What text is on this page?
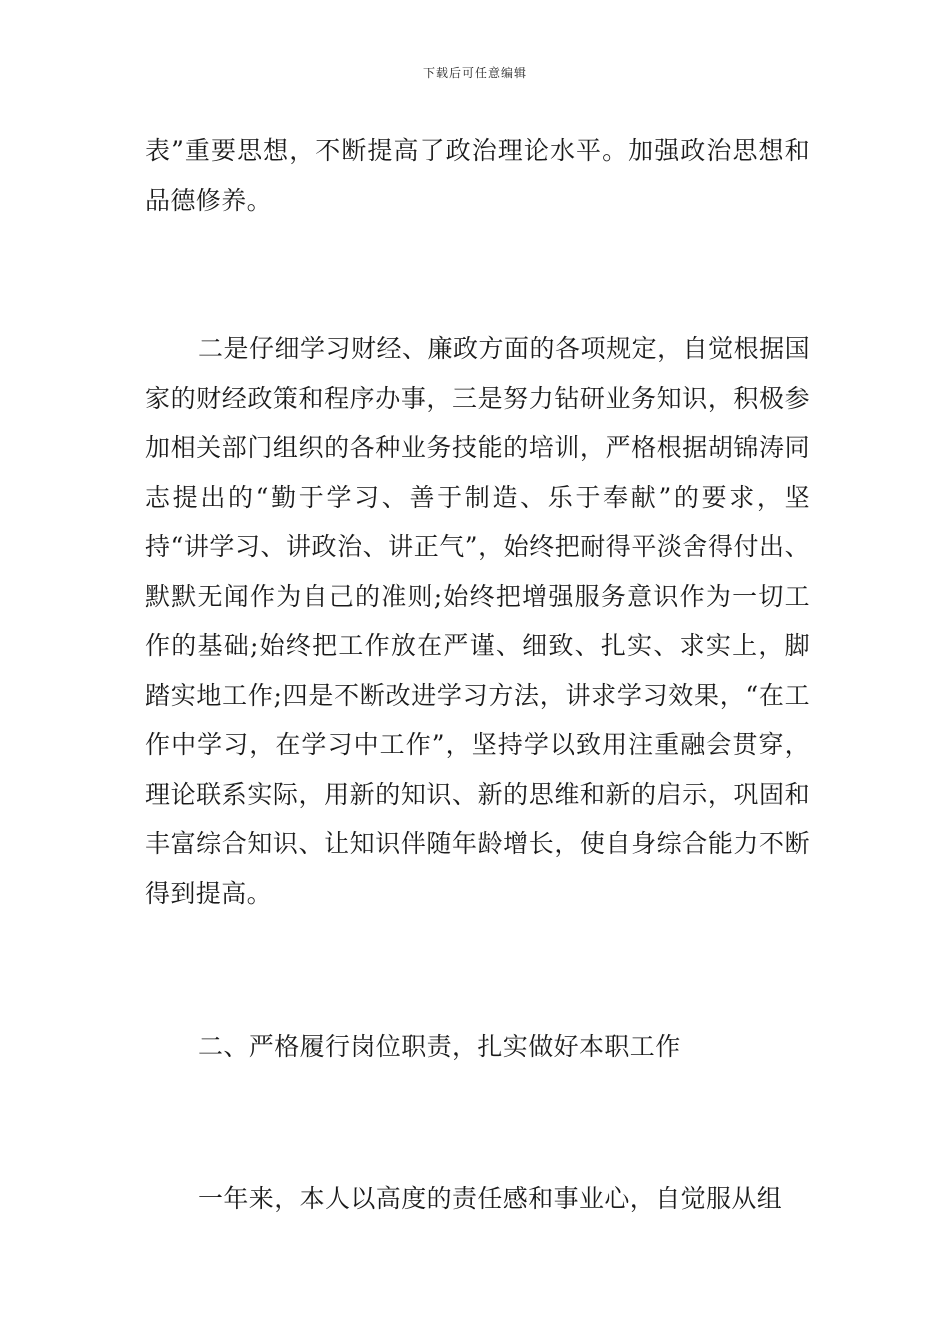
下载后可任意编辑

表”重要思想，不断提高了政治理论水平。加强政治思想和品德修养。

二是仔细学习财经、廉政方面的各项规定，自觉根据国家的财经政策和程序办事，三是努力钻研业务知识，积极参加相关部门组织的各种业务技能的培训，严格根据胡锦涛同志提出的“勤于学习、善于制造、乐于奉献”的要求，坚持“讲学习、讲政治、讲正气”，始终把耐得平淡舍得付出、默默无闻作为自己的准则;始终把增强服务意识作为一切工作的基础;始终把工作放在严谨、细致、扎实、求实上，脚踏实地工作;四是不断改进学习方法，讲求学习效果，“在工作中学习，在学习中工作”，坚持学以致用注重融会贯穿，理论联系实际，用新的知识、新的思维和新的启示，巩固和丰富综合知识、让知识伴随年龄增长，使自身综合能力不断得到提高。

二、严格履行岗位职责，扎实做好本职工作

一年来，本人以高度的责任感和事业心，自觉服从组
